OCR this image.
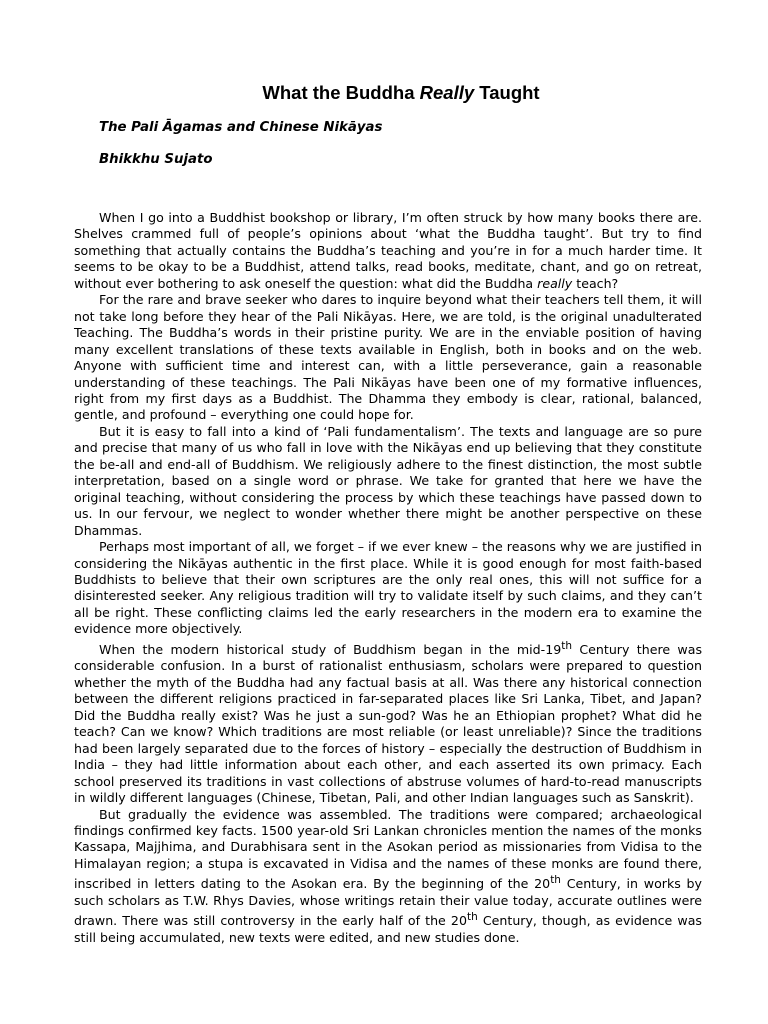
What the Buddha Really Taught
The Pali Āgamas and Chinese Nikāyas
Bhikkhu Sujato

When I go into a Buddhist bookshop or library, I’m often struck by how many books there are. Shelves crammed full of people’s opinions about ‘what the Buddha taught’. But try to find something that actually contains the Buddha’s teaching and you’re in for a much harder time. It seems to be okay to be a Buddhist, attend talks, read books, meditate, chant, and go on retreat, without ever bothering to ask oneself the question: what did the Buddha really teach?

For the rare and brave seeker who dares to inquire beyond what their teachers tell them, it will not take long before they hear of the Pali Nikāyas. Here, we are told, is the original unadulterated Teaching. The Buddha’s words in their pristine purity. We are in the enviable position of having many excellent translations of these texts available in English, both in books and on the web. Anyone with sufficient time and interest can, with a little perseverance, gain a reasonable understanding of these teachings. The Pali Nikāyas have been one of my formative influences, right from my first days as a Buddhist. The Dhamma they embody is clear, rational, balanced, gentle, and profound – everything one could hope for.

But it is easy to fall into a kind of ‘Pali fundamentalism’. The texts and language are so pure and precise that many of us who fall in love with the Nikāyas end up believing that they constitute the be-all and end-all of Buddhism. We religiously adhere to the finest distinction, the most subtle interpretation, based on a single word or phrase. We take for granted that here we have the original teaching, without considering the process by which these teachings have passed down to us. In our fervour, we neglect to wonder whether there might be another perspective on these Dhammas.

Perhaps most important of all, we forget – if we ever knew – the reasons why we are justified in considering the Nikāyas authentic in the first place. While it is good enough for most faith-based Buddhists to believe that their own scriptures are the only real ones, this will not suffice for a disinterested seeker. Any religious tradition will try to validate itself by such claims, and they can’t all be right. These conflicting claims led the early researchers in the modern era to examine the evidence more objectively.

When the modern historical study of Buddhism began in the mid-19th Century there was considerable confusion. In a burst of rationalist enthusiasm, scholars were prepared to question whether the myth of the Buddha had any factual basis at all. Was there any historical connection between the different religions practiced in far-separated places like Sri Lanka, Tibet, and Japan? Did the Buddha really exist? Was he just a sun-god? Was he an Ethiopian prophet? What did he teach? Can we know? Which traditions are most reliable (or least unreliable)? Since the traditions had been largely separated due to the forces of history – especially the destruction of Buddhism in India – they had little information about each other, and each asserted its own primacy. Each school preserved its traditions in vast collections of abstruse volumes of hard-to-read manuscripts in wildly different languages (Chinese, Tibetan, Pali, and other Indian languages such as Sanskrit).

But gradually the evidence was assembled. The traditions were compared; archaeological findings confirmed key facts. 1500 year-old Sri Lankan chronicles mention the names of the monks Kassapa, Majjhima, and Durabhisara sent in the Asokan period as missionaries from Vidisa to the Himalayan region; a stupa is excavated in Vidisa and the names of these monks are found there, inscribed in letters dating to the Asokan era. By the beginning of the 20th Century, in works by such scholars as T.W. Rhys Davies, whose writings retain their value today, accurate outlines were drawn. There was still controversy in the early half of the 20th Century, though, as evidence was still being accumulated, new texts were edited, and new studies done.
